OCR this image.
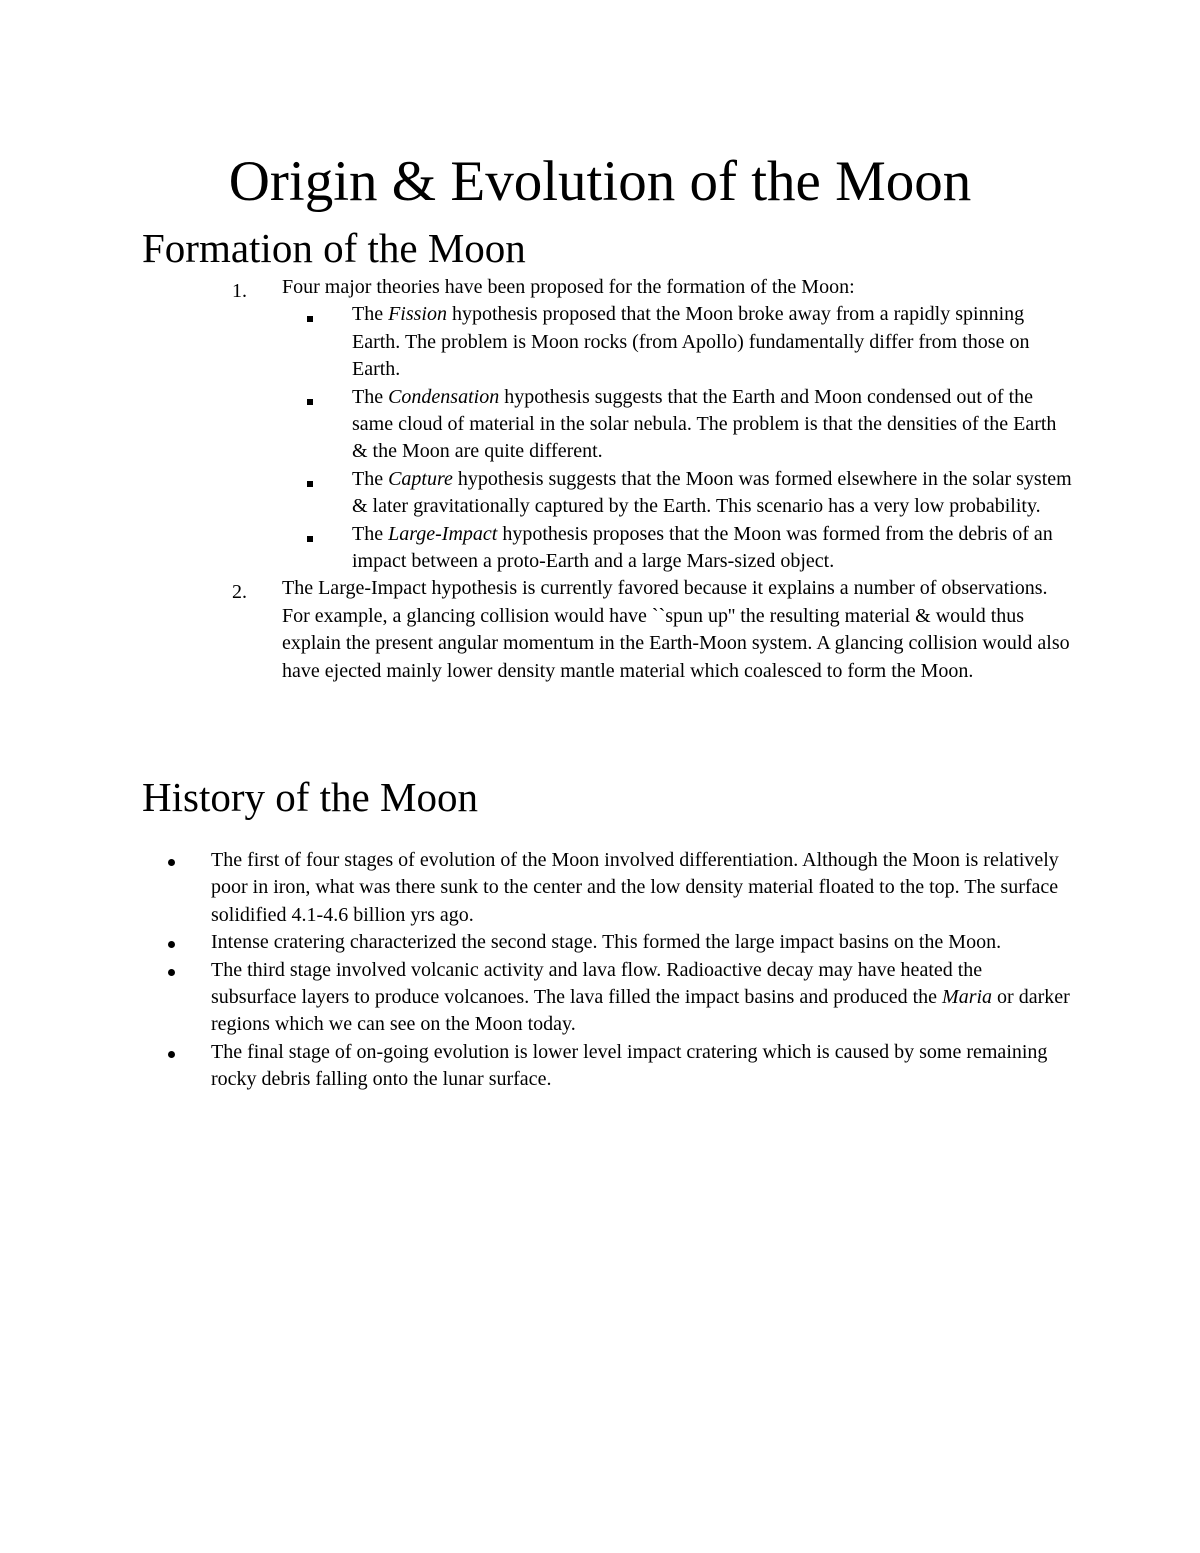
Origin & Evolution of the Moon
Formation of the Moon
1. Four major theories have been proposed for the formation of the Moon:
The Fission hypothesis proposed that the Moon broke away from a rapidly spinning Earth. The problem is Moon rocks (from Apollo) fundamentally differ from those on Earth.
The Condensation hypothesis suggests that the Earth and Moon condensed out of the same cloud of material in the solar nebula. The problem is that the densities of the Earth & the Moon are quite different.
The Capture hypothesis suggests that the Moon was formed elsewhere in the solar system & later gravitationally captured by the Earth. This scenario has a very low probability.
The Large-Impact hypothesis proposes that the Moon was formed from the debris of an impact between a proto-Earth and a large Mars-sized object.
2. The Large-Impact hypothesis is currently favored because it explains a number of observations. For example, a glancing collision would have ``spun up'' the resulting material & would thus explain the present angular momentum in the Earth-Moon system. A glancing collision would also have ejected mainly lower density mantle material which coalesced to form the Moon.
History of the Moon
The first of four stages of evolution of the Moon involved differentiation. Although the Moon is relatively poor in iron, what was there sunk to the center and the low density material floated to the top. The surface solidified 4.1-4.6 billion yrs ago.
Intense cratering characterized the second stage. This formed the large impact basins on the Moon.
The third stage involved volcanic activity and lava flow. Radioactive decay may have heated the subsurface layers to produce volcanoes. The lava filled the impact basins and produced the Maria or darker regions which we can see on the Moon today.
The final stage of on-going evolution is lower level impact cratering which is caused by some remaining rocky debris falling onto the lunar surface.
